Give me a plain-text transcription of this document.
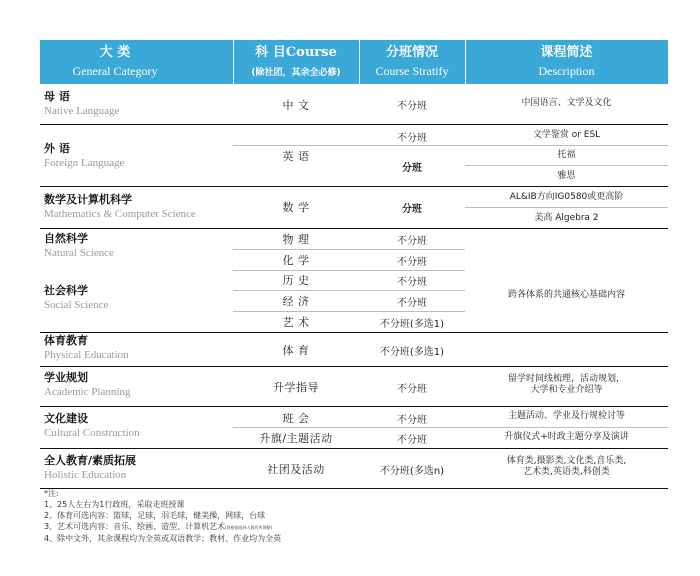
大 类
General Category
科 目Course
(除社团，其余全必修)
分班情况
Course Stratify
课程简述
Description
母 语
Native Language
外 语
Foreign Language
数学及计算机科学
Mathematics & Computer Science
自然科学
Natural Science
社会科学
Social Science
体育教育
Physical Education
学业规划
Academic Planning
文化建设
Cultural Construction
全人教育/素质拓展
Holistic Education
中 文
英 语
数 学
物 理
化 学
历 史
经 济
艺 术
体 育
升学指导
班 会
升旗/主题活动
社团及活动
不分班
不分班
分班
分班
不分班
不分班
不分班
不分班
不分班(多选1)
不分班(多选1)
不分班
不分班
不分班
不分班(多选n)
中国语言、文学及文化
文学鉴赏 or ESL
托福
雅思
AL&IB方向IG0580或更高阶
美高 Algebra 2
跨各体系的共通核心基础内容
留学时间线梳理，活动规划，
大学和专业介绍等
主题活动、学业及行规检讨等
升旗仪式+时政主题分享及演讲
体育类,摄影类,文化类,音乐类,
艺术类,英语类,科创类
*注:
1、25人左右为1行政班，采取走班授课
2、体育可选内容：篮球，足球，羽毛球，健美操，网球，台球
3、艺术可选内容：音乐、绘画、造型、计算机艺术(将根据选择人数有所调整)
4、除中文外，其余课程均为全英或双语教学；教材、作业均为全英
